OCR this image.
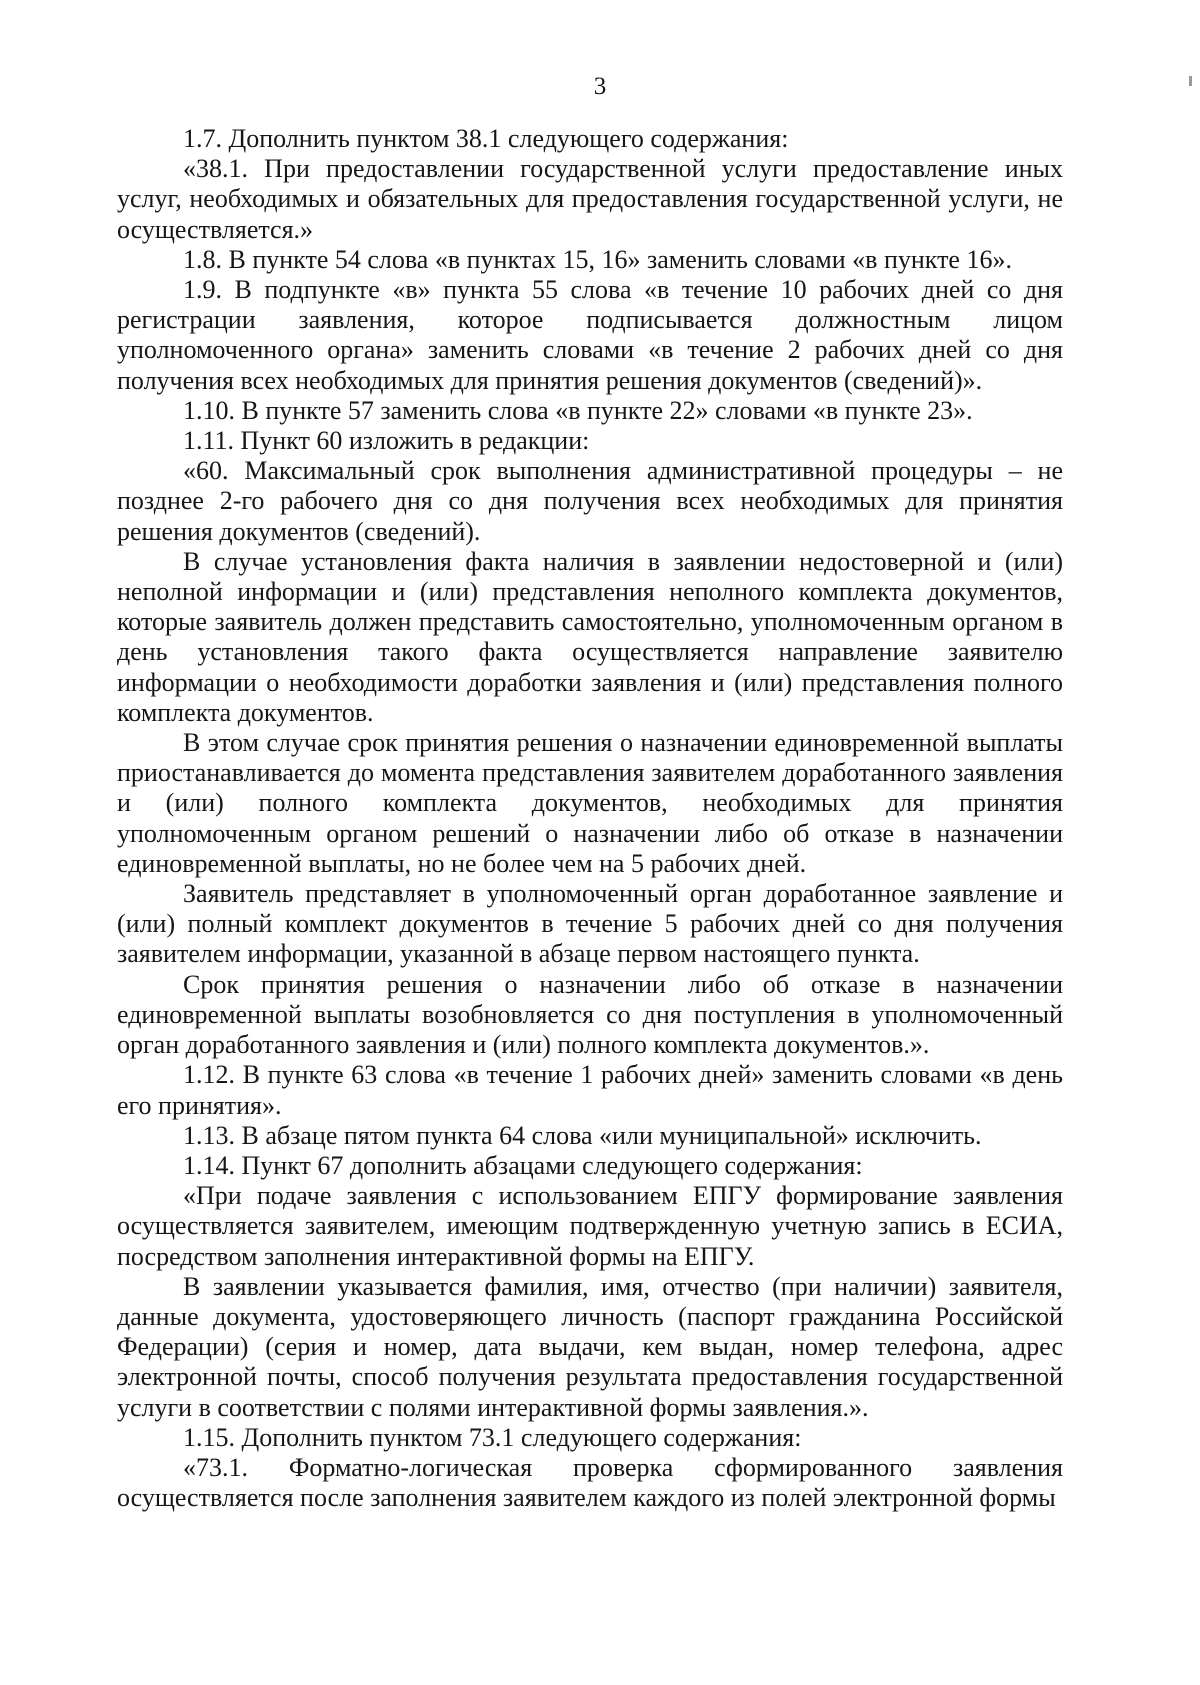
3

1.7. Дополнить пунктом 38.1 следующего содержания:

«38.1. При предоставлении государственной услуги предоставление иных услуг, необходимых и обязательных для предоставления государственной услуги, не осуществляется.»

1.8. В пункте 54 слова «в пунктах 15, 16» заменить словами «в пункте 16».

1.9. В подпункте «в» пункта 55 слова «в течение 10 рабочих дней со дня регистрации заявления, которое подписывается должностным лицом уполномоченного органа» заменить словами «в течение 2 рабочих дней со дня получения всех необходимых для принятия решения документов (сведений)».

1.10. В пункте 57 заменить слова «в пункте 22» словами «в пункте 23».

1.11. Пункт 60 изложить в редакции:

«60. Максимальный срок выполнения административной процедуры – не позднее 2-го рабочего дня со дня получения всех необходимых для принятия решения документов (сведений).

В случае установления факта наличия в заявлении недостоверной и (или) неполной информации и (или) представления неполного комплекта документов, которые заявитель должен представить самостоятельно, уполномоченным органом в день установления такого факта осуществляется направление заявителю информации о необходимости доработки заявления и (или) представления полного комплекта документов.

В этом случае срок принятия решения о назначении единовременной выплаты приостанавливается до момента представления заявителем доработанного заявления и (или) полного комплекта документов, необходимых для принятия уполномоченным органом решений о назначении либо об отказе в назначении единовременной выплаты, но не более чем на 5 рабочих дней.

Заявитель представляет в уполномоченный орган доработанное заявление и (или) полный комплект документов в течение 5 рабочих дней со дня получения заявителем информации, указанной в абзаце первом настоящего пункта.

Срок принятия решения о назначении либо об отказе в назначении единовременной выплаты возобновляется со дня поступления в уполномоченный орган доработанного заявления и (или) полного комплекта документов.».

1.12. В пункте 63 слова «в течение 1 рабочих дней» заменить словами «в день его принятия».

1.13. В абзаце пятом пункта 64 слова «или муниципальной» исключить.

1.14. Пункт 67 дополнить абзацами следующего содержания:

«При подаче заявления с использованием ЕПГУ формирование заявления осуществляется заявителем, имеющим подтвержденную учетную запись в ЕСИА, посредством заполнения интерактивной формы на ЕПГУ.

В заявлении указывается фамилия, имя, отчество (при наличии) заявителя, данные документа, удостоверяющего личность (паспорт гражданина Российской Федерации) (серия и номер, дата выдачи, кем выдан, номер телефона, адрес электронной почты, способ получения результата предоставления государственной услуги в соответствии с полями интерактивной формы заявления.».

1.15. Дополнить пунктом 73.1 следующего содержания:

«73.1. Форматно-логическая проверка сформированного заявления осуществляется после заполнения заявителем каждого из полей электронной формы
